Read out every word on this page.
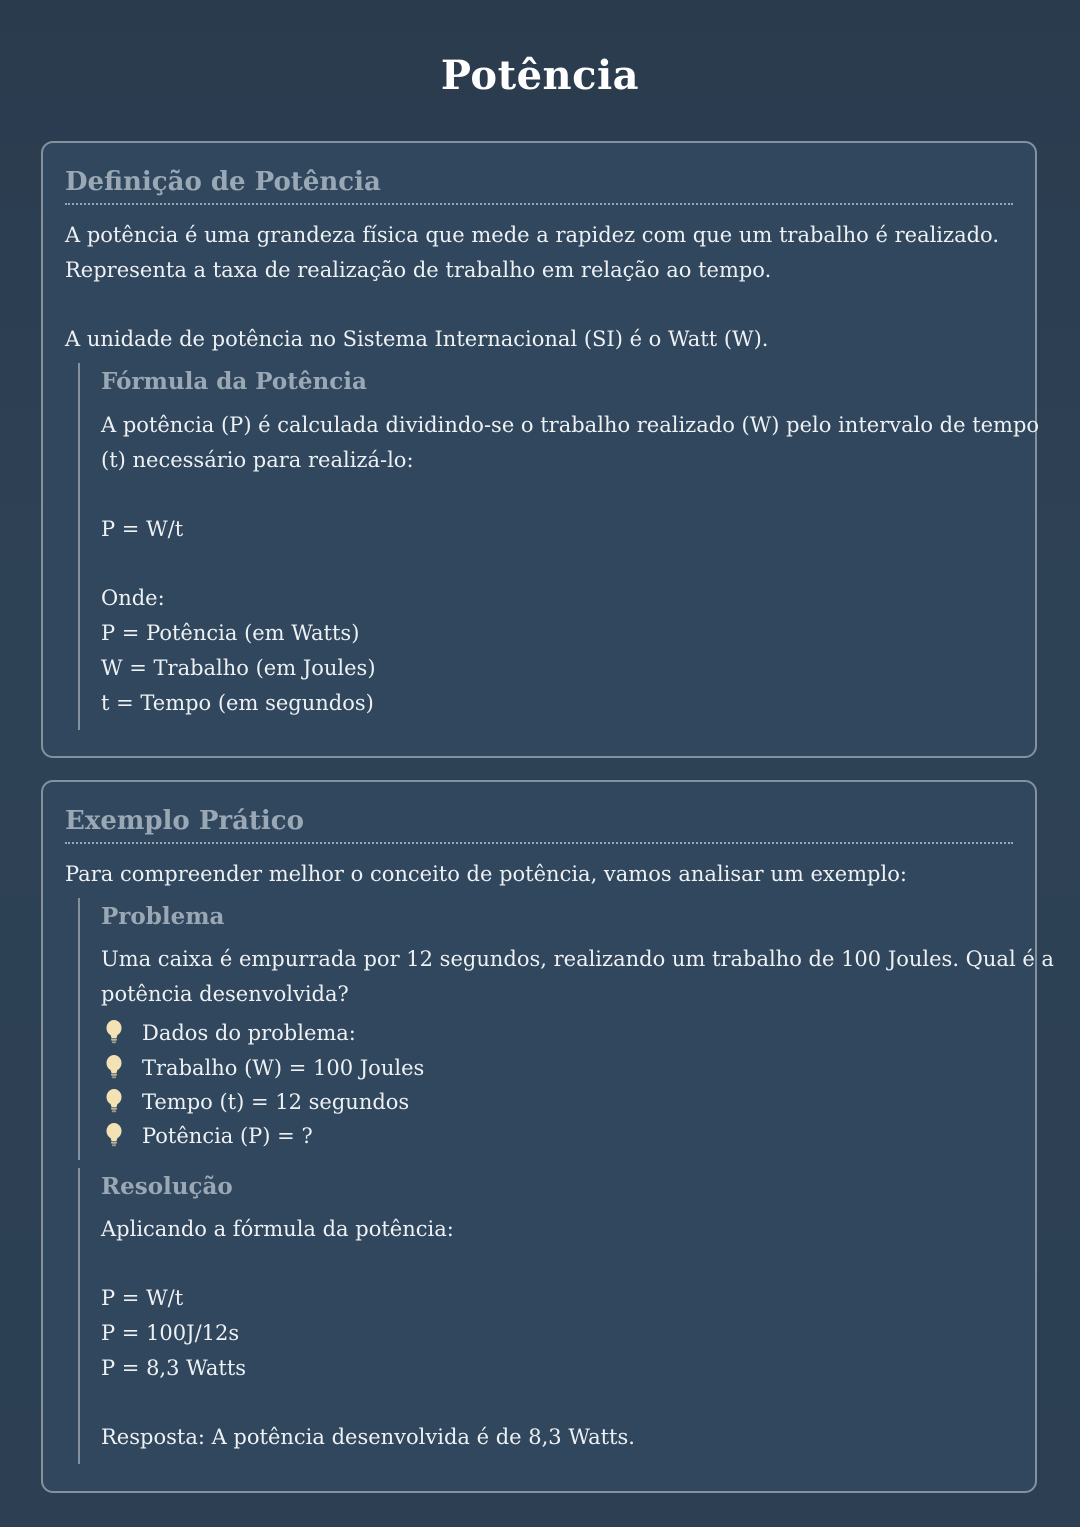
Potência
Definição de Potência
A potência é uma grandeza física que mede a rapidez com que um trabalho é realizado.
Representa a taxa de realização de trabalho em relação ao tempo.
A unidade de potência no Sistema Internacional (SI) é o Watt (W).
Fórmula da Potência
A potência (P) é calculada dividindo-se o trabalho realizado (W) pelo intervalo de tempo
(t) necessário para realizá-lo:
P = W/t
Onde:
P = Potência (em Watts)
W = Trabalho (em Joules)
t = Tempo (em segundos)
Exemplo Prático
Para compreender melhor o conceito de potência, vamos analisar um exemplo:
Problema
Uma caixa é empurrada por 12 segundos, realizando um trabalho de 100 Joules. Qual é a
potência desenvolvida?
Dados do problema:
Trabalho (W) = 100 Joules
Tempo (t) = 12 segundos
Potência (P) = ?
Resolução
Aplicando a fórmula da potência:
P = W/t
P = 100J/12s
P = 8,3 Watts
Resposta: A potência desenvolvida é de 8,3 Watts.
